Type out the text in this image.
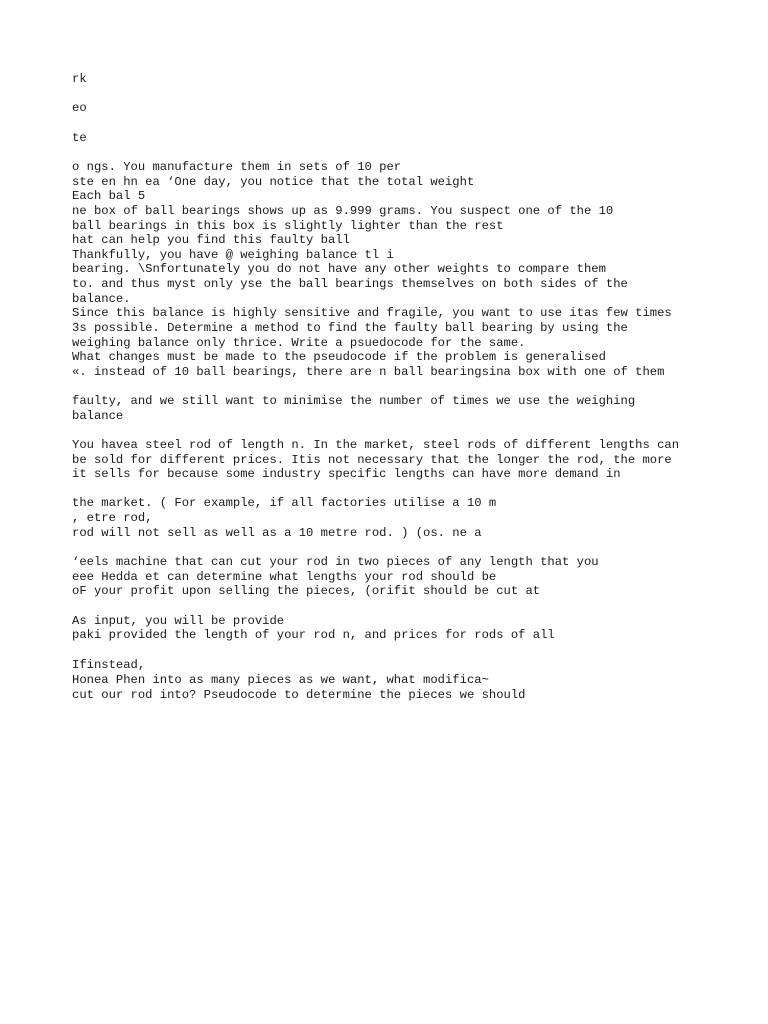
rk

eo

te

o ngs. You manufacture them in sets of 10 per

ste en hn ea ‘One day, you notice that the total weight

Each bal 5

ne box of ball bearings shows up as 9.999 grams. You suspect one of the 10

ball bearings in this box is slightly lighter than the rest

hat can help you find this faulty ball

Thankfully, you have @ weighing balance tl i

bearing. \Snfortunately you do not have any other weights to compare them

to. and thus myst only yse the ball bearings themselves on both sides of the

balance.

Since this balance is highly sensitive and fragile, you want to use itas few times

3s possible. Determine a method to find the faulty ball bearing by using the

weighing balance only thrice. Write a psuedocode for the same.

What changes must be made to the pseudocode if the problem is generalised

«. instead of 10 ball bearings, there are n ball bearingsina box with one of them

faulty, and we still want to minimise the number of times we use the weighing

balance

You havea steel rod of length n. In the market, steel rods of different lengths can

be sold for different prices. Itis not necessary that the longer the rod, the more

it sells for because some industry specific lengths can have more demand in

the market. ( For example, if all factories utilise a 10 m

, etre rod,

rod will not sell as well as a 10 metre rod. ) (os. ne a

‘eels machine that can cut your rod in two pieces of any length that you

eee Hedda et can determine what lengths your rod should be

oF your profit upon selling the pieces, (orifit should be cut at

As input, you will be provide

paki provided the length of your rod n, and prices for rods of all

Ifinstead,

Honea Phen into as many pieces as we want, what modifica~

cut our rod into? Pseudocode to determine the pieces we should
